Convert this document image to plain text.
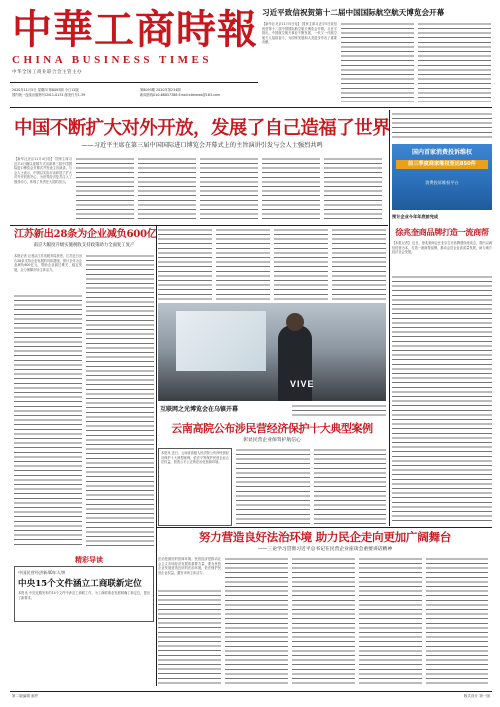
中華工商時報
CHINA BUSINESS TIMES
中华全国工商业联合会主管主办
2020年11月5日 星期四 第8093期 今日12版
国内统一连续出版物号CN11-0131 邮发代号1-39
第8093期 2020年第234期
新闻热线010-68057388 Email:cbtnews@163.com
习近平致信祝贺第十二届中国国际航空航天博览会开幕
【新华社北京11月5日电】 国家主席习近平5日致信祝贺第十二届中国国际航空航天博览会开幕。习近平指出，中国航空航天事业不断发展，一代又一代航空航天人接续奋斗，为国家发展和人类进步作出了重要贡献。
中国不断扩大对外开放，发展了自己造福了世界
——习近平主席在第三届中国国际进口博览会开幕式上的主旨演讲引发与会人士强烈共鸣
【新华社北京11月4日电】 国家主席习近平4日晚以视频方式出席第三届中国国际进口博览会开幕式并发表主旨演讲。与会人士表示，中国以实际行动彰显了扩大对外开放的决心，为世界经济复苏注入了强劲动力，体现了负责任大国的担当。
江苏新出28条为企业减负600亿
南京大幅度升级实施税收支持政策助力全面复工复产
本报记者 记者从江苏省税务局获悉，江苏近日出台28条支持企业发展的具体措施，预计全年为企业减负600亿元，帮助企业渡过难关、稳定发展，全力保障市场主体活力。
精彩导读
中国民营经济新40年人物
中央15个文件涵立工商联新定位
本报讯 中央近期发布的15个文件中涉及工商联工作，为工商联事业发展明确了新定位，提出了新要求。
VIVE
互联网之光博览会在乌镇开幕
云南高院公布涉民营经济保护十大典型案例
彰显民营企业保驾护航信心
本报讯 近日，云南省高级人民法院公布涉民营经济保护十大典型案例，依法平等保护民营企业合法权益，营造公平公正的法治化营商环境。
努力营造良好法治环境 助力民企走向更加广阔舞台
——三论学习贯彻习近平总书记在民营企业座谈会重要讲话精神
法治是最好的营商环境。民营经济是推动社会主义市场经济发展的重要力量，要为民营企业发展营造良好的法治环境，依法保护民营企业权益，激发市场主体活力。
国内首家消费投诉维权
前三季度商家维权至达850件
消费投诉维权平台
预计企业今年年底前完成
徐兆奎商品牌打造一流商帮
【本报记者】 近日，徐兆奎商会在北京召开品牌建设座谈会，提出以诚信经营为本，打造一流商帮品牌，推动会员企业高质量发展，助力地方经济社会发展。
第二版编辑 邮件	版式设计 第一版
